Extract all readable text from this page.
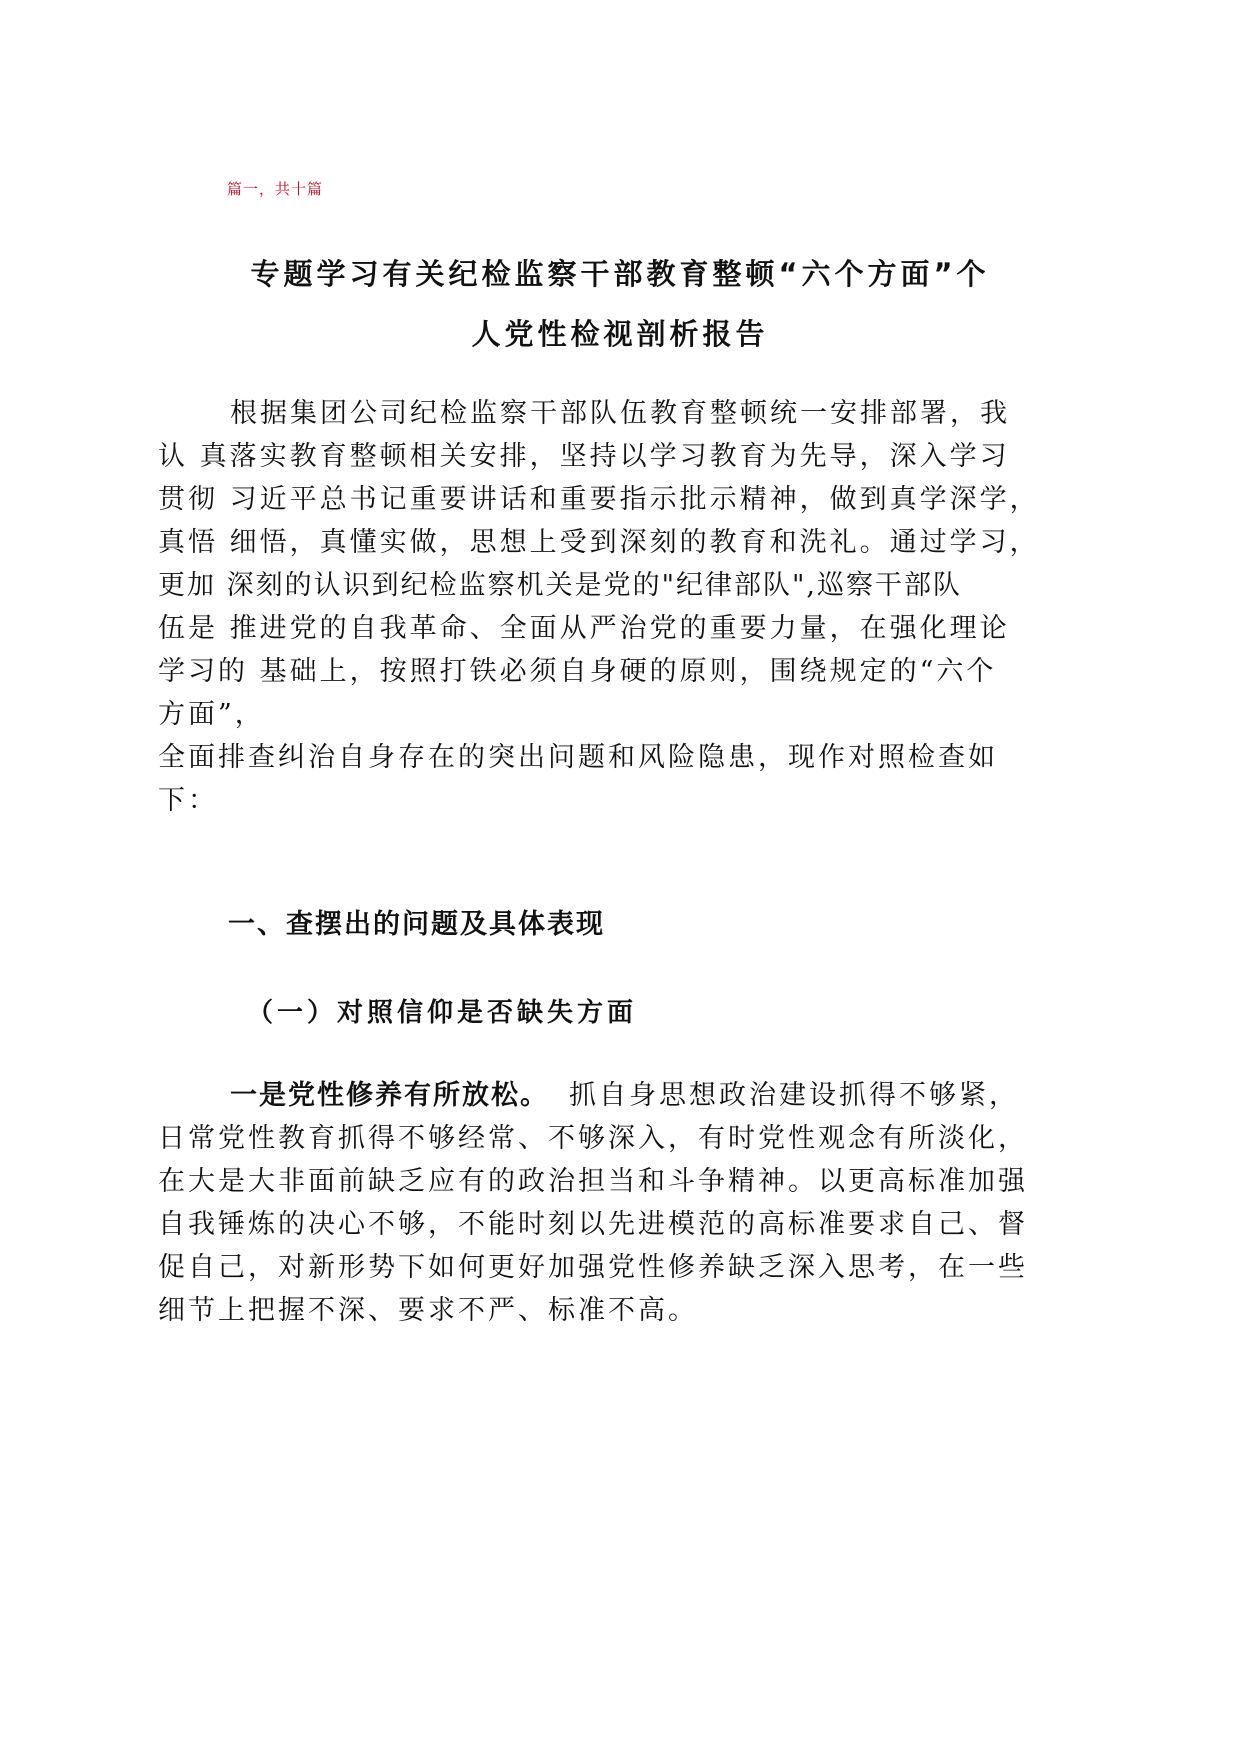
篇一，共十篇
专题学习有关纪检监察干部教育整顿“六个方面”个
人党性检视剖析报告
根据集团公司纪检监察干部队伍教育整顿统一安排部署，我
认 真落实教育整顿相关安排，坚持以学习教育为先导，深入学习
贯彻 习近平总书记重要讲话和重要指示批示精神，做到真学深学，
真悟 细悟，真懂实做，思想上受到深刻的教育和洗礼。通过学习，
更加 深刻的认识到纪检监察机关是党的"纪律部队",巡察干部队
伍是 推进党的自我革命、全面从严治党的重要力量，在强化理论
学习的 基础上，按照打铁必须自身硬的原则，围绕规定的“六个
方面”，
全面排查纠治自身存在的突出问题和风险隐患，现作对照检查如
下：
一、查摆出的问题及具体表现
（一）对照信仰是否缺失方面
一是党性修养有所放松。 抓自身思想政治建设抓得不够紧，
日常党性教育抓得不够经常、不够深入，有时党性观念有所淡化，
在大是大非面前缺乏应有的政治担当和斗争精神。以更高标准加强
自我锤炼的决心不够，不能时刻以先进模范的高标准要求自己、督
促自己，对新形势下如何更好加强党性修养缺乏深入思考，在一些
细节上把握不深、要求不严、标准不高。
